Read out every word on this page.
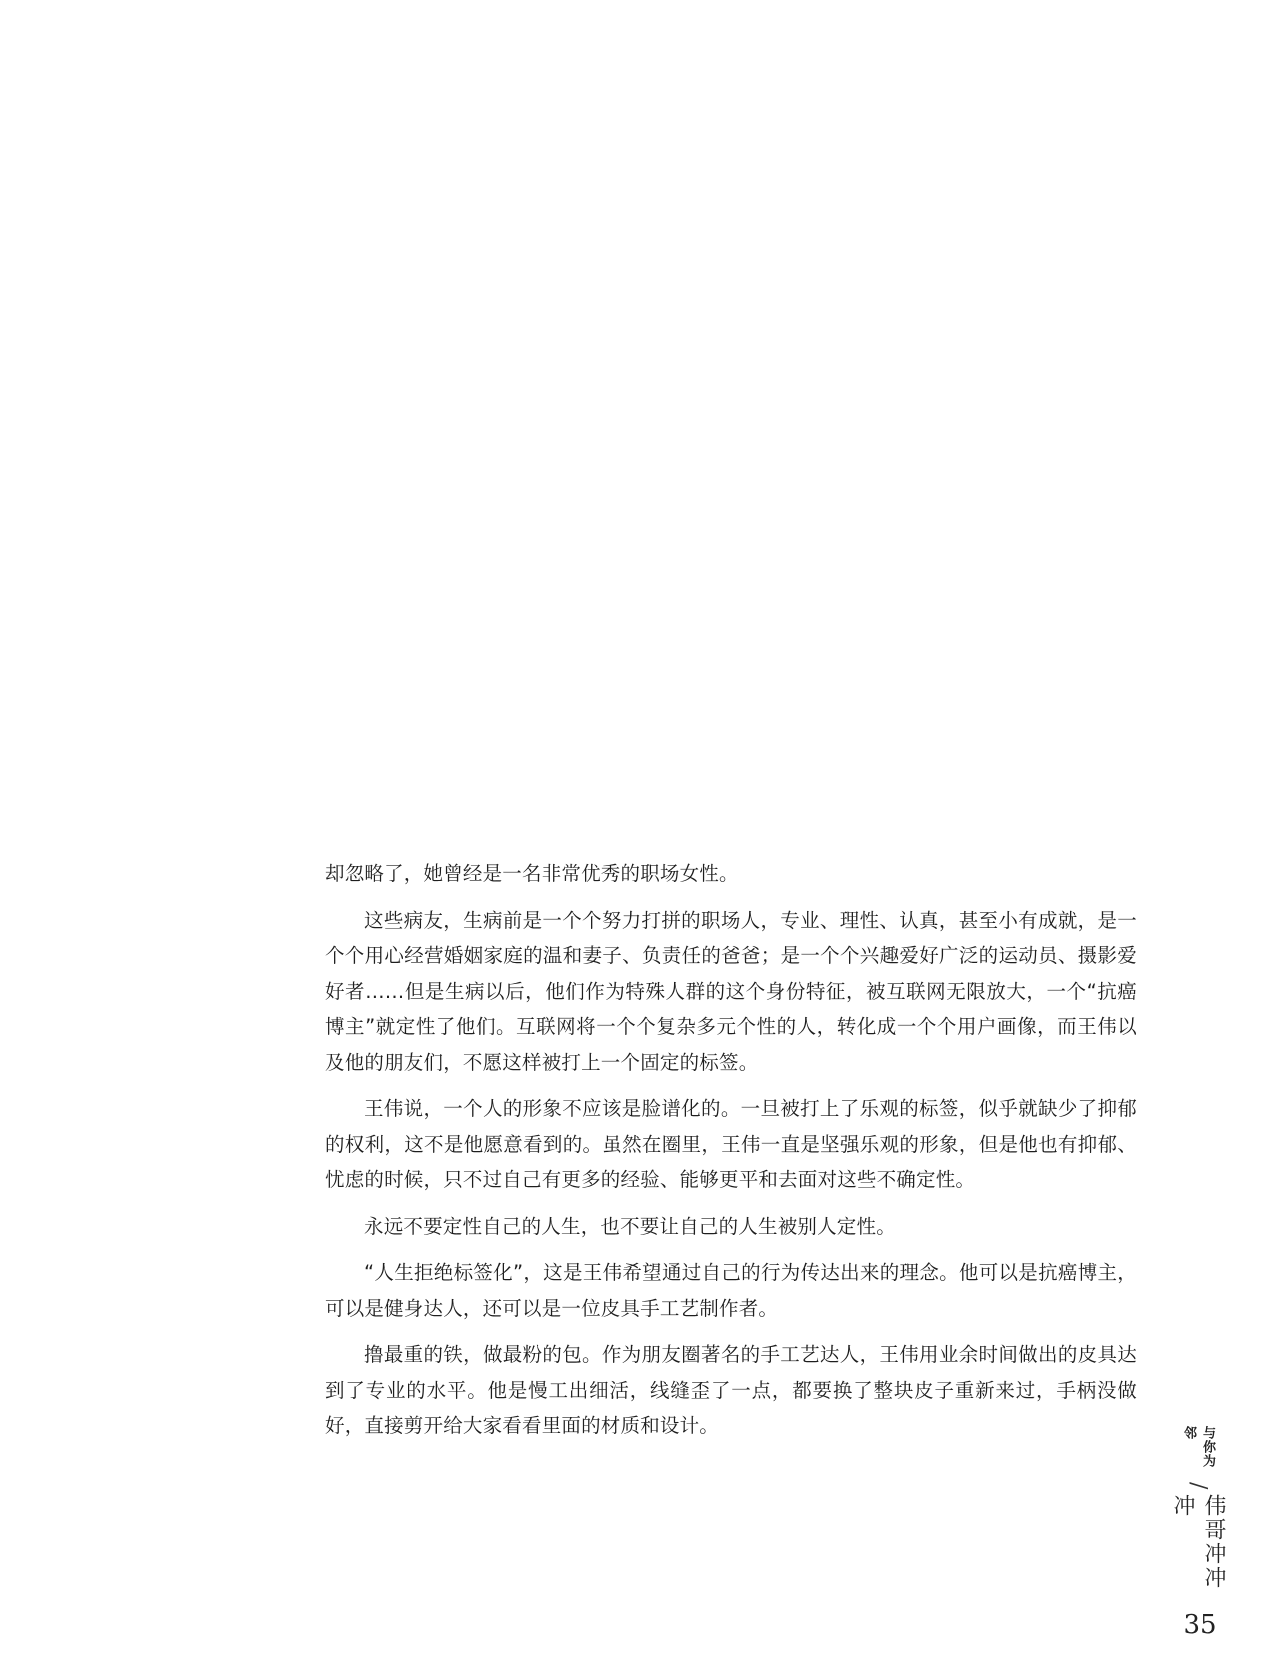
却忽略了，她曾经是一名非常优秀的职场女性。

这些病友，生病前是一个个努力打拼的职场人，专业、理性、认真，甚至小有成就，是一个个用心经营婚姻家庭的温和妻子、负责任的爸爸；是一个个兴趣爱好广泛的运动员、摄影爱好者……但是生病以后，他们作为特殊人群的这个身份特征，被互联网无限放大，一个“抗癌博主”就定性了他们。互联网将一个个复杂多元个性的人，转化成一个个用户画像，而王伟以及他的朋友们，不愿这样被打上一个固定的标签。

王伟说，一个人的形象不应该是脸谱化的。一旦被打上了乐观的标签，似乎就缺少了抑郁的权利，这不是他愿意看到的。虽然在圈里，王伟一直是坚强乐观的形象，但是他也有抑郁、忧虑的时候，只不过自己有更多的经验、能够更平和去面对这些不确定性。

永远不要定性自己的人生，也不要让自己的人生被别人定性。

“人生拒绝标签化”，这是王伟希望通过自己的行为传达出来的理念。他可以是抗癌博主，可以是健身达人，还可以是一位皮具手工艺制作者。

撸最重的铁，做最粉的包。作为朋友圈著名的手工艺达人，王伟用业余时间做出的皮具达到了专业的水平。他是慢工出细活，线缝歪了一点，都要换了整块皮子重新来过，手柄没做好，直接剪开给大家看看里面的材质和设计。

与你为邻
/
伟哥冲冲冲
35
